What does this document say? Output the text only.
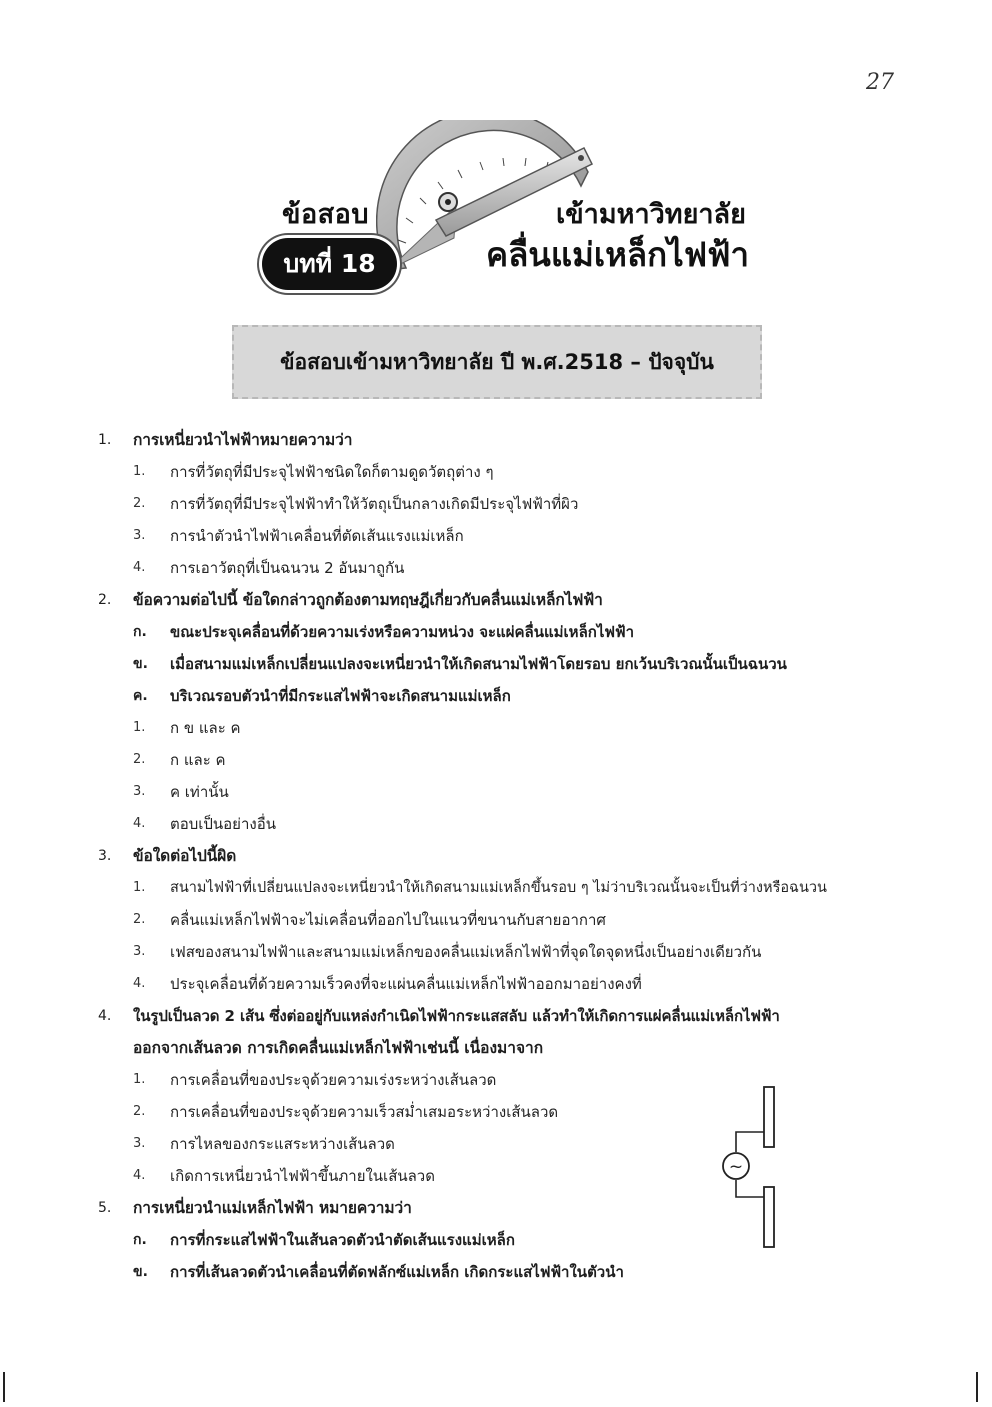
27
ข้อสอบ
บทที่ 18
เข้ามหาวิทยาลัย
คลื่นแม่เหล็กไฟฟ้า
ข้อสอบเข้ามหาวิทยาลัย ปี พ.ศ.2518 – ปัจจุบัน
1. การเหนี่ยวนำไฟฟ้าหมายความว่า
1. การที่วัตถุที่มีประจุไฟฟ้าชนิดใดก็ตามดูดวัตถุต่าง ๆ
2. การที่วัตถุที่มีประจุไฟฟ้าทำให้วัตถุเป็นกลางเกิดมีประจุไฟฟ้าที่ผิว
3. การนำตัวนำไฟฟ้าเคลื่อนที่ตัดเส้นแรงแม่เหล็ก
4. การเอาวัตถุที่เป็นฉนวน 2 อันมาถูกัน
2. ข้อความต่อไปนี้ ข้อใดกล่าวถูกต้องตามทฤษฎีเกี่ยวกับคลื่นแม่เหล็กไฟฟ้า
ก. ขณะประจุเคลื่อนที่ด้วยความเร่งหรือความหน่วง จะแผ่คลื่นแม่เหล็กไฟฟ้า
ข. เมื่อสนามแม่เหล็กเปลี่ยนแปลงจะเหนี่ยวนำให้เกิดสนามไฟฟ้าโดยรอบ ยกเว้นบริเวณนั้นเป็นฉนวน
ค. บริเวณรอบตัวนำที่มีกระแสไฟฟ้าจะเกิดสนามแม่เหล็ก
1. ก ข และ ค
2. ก และ ค
3. ค เท่านั้น
4. ตอบเป็นอย่างอื่น
3. ข้อใดต่อไปนี้ผิด
1. สนามไฟฟ้าที่เปลี่ยนแปลงจะเหนี่ยวนำให้เกิดสนามแม่เหล็กขึ้นรอบ ๆ ไม่ว่าบริเวณนั้นจะเป็นที่ว่างหรือฉนวน
2. คลื่นแม่เหล็กไฟฟ้าจะไม่เคลื่อนที่ออกไปในแนวที่ขนานกับสายอากาศ
3. เฟสของสนามไฟฟ้าและสนามแม่เหล็กของคลื่นแม่เหล็กไฟฟ้าที่จุดใดจุดหนึ่งเป็นอย่างเดียวกัน
4. ประจุเคลื่อนที่ด้วยความเร็วคงที่จะแผ่นคลื่นแม่เหล็กไฟฟ้าออกมาอย่างคงที่
4. ในรูปเป็นลวด 2 เส้น ซึ่งต่ออยู่กับแหล่งกำเนิดไฟฟ้ากระแสสลับ แล้วทำให้เกิดการแผ่คลื่นแม่เหล็กไฟฟ้า
ออกจากเส้นลวด การเกิดคลื่นแม่เหล็กไฟฟ้าเช่นนี้ เนื่องมาจาก
1. การเคลื่อนที่ของประจุด้วยความเร่งระหว่างเส้นลวด
2. การเคลื่อนที่ของประจุด้วยความเร็วสม่ำเสมอระหว่างเส้นลวด
3. การไหลของกระแสระหว่างเส้นลวด
4. เกิดการเหนี่ยวนำไฟฟ้าขึ้นภายในเส้นลวด
5. การเหนี่ยวนำแม่เหล็กไฟฟ้า หมายความว่า
ก. การที่กระแสไฟฟ้าในเส้นลวดตัวนำตัดเส้นแรงแม่เหล็ก
ข. การที่เส้นลวดตัวนำเคลื่อนที่ตัดฟลักซ์แม่เหล็ก เกิดกระแสไฟฟ้าในตัวนำ
~
